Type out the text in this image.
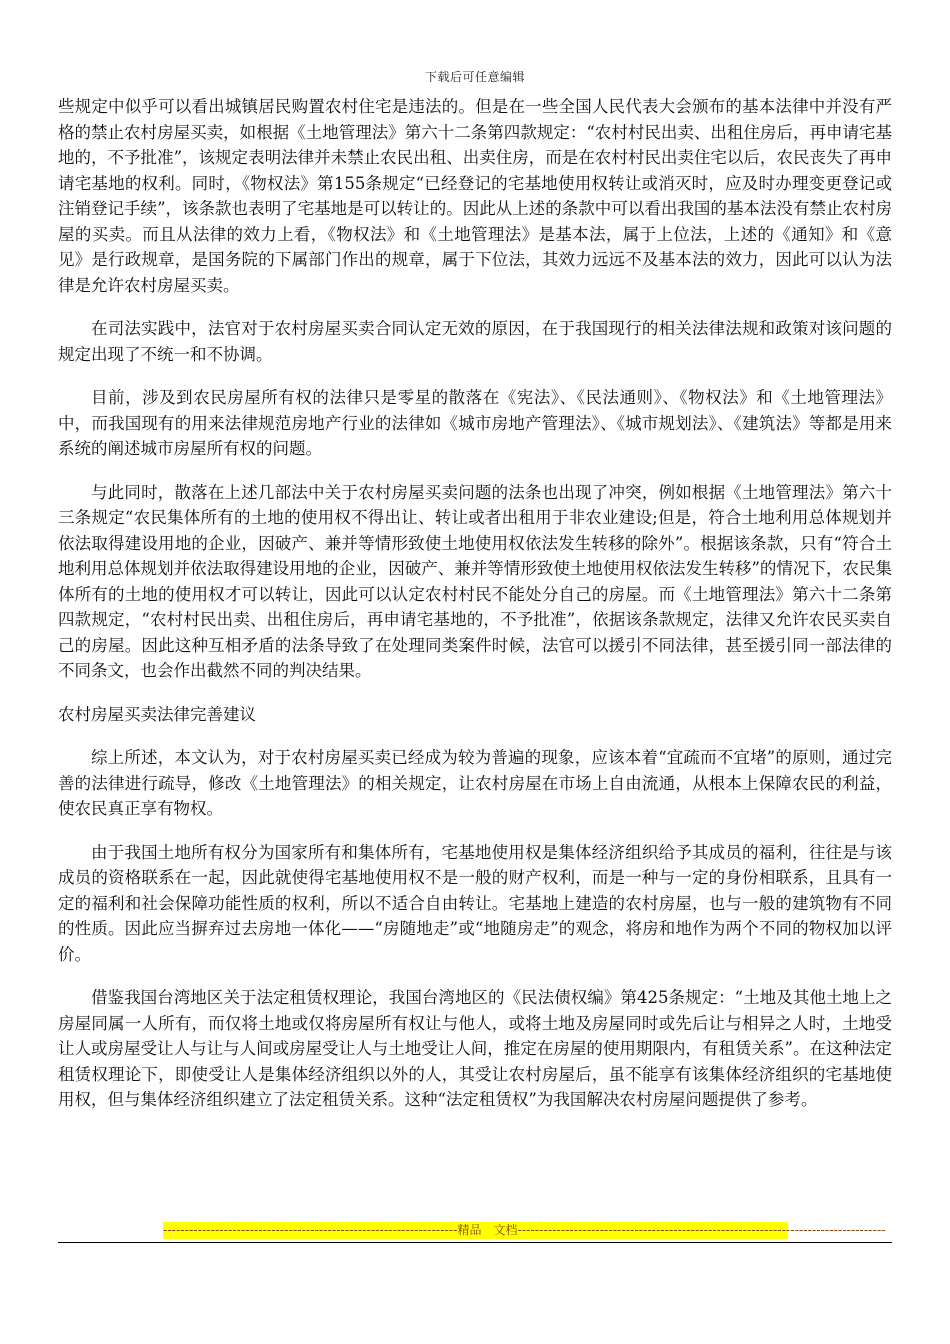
下载后可任意编辑

些规定中似乎可以看出城镇居民购置农村住宅是违法的。但是在一些全国人民代表大会颁布的基本法律中并没有严格的禁止农村房屋买卖，如根据《土地管理法》第六十二条第四款规定：“农村村民出卖、出租住房后，再申请宅基地的，不予批准”，该规定表明法律并未禁止农民出租、出卖住房，而是在农村村民出卖住宅以后，农民丧失了再申请宅基地的权利。同时，《物权法》第155条规定“已经登记的宅基地使用权转让或消灭时，应及时办理变更登记或注销登记手续”，该条款也表明了宅基地是可以转让的。因此从上述的条款中可以看出我国的基本法没有禁止农村房屋的买卖。而且从法律的效力上看，《物权法》和《土地管理法》是基本法，属于上位法，上述的《通知》和《意见》是行政规章，是国务院的下属部门作出的规章，属于下位法，其效力远远不及基本法的效力，因此可以认为法律是允许农村房屋买卖。

在司法实践中，法官对于农村房屋买卖合同认定无效的原因，在于我国现行的相关法律法规和政策对该问题的规定出现了不统一和不协调。

目前，涉及到农民房屋所有权的法律只是零星的散落在《宪法》、《民法通则》、《物权法》和《土地管理法》中，而我国现有的用来法律规范房地产行业的法律如《城市房地产管理法》、《城市规划法》、《建筑法》等都是用来系统的阐述城市房屋所有权的问题。

与此同时，散落在上述几部法中关于农村房屋买卖问题的法条也出现了冲突，例如根据《土地管理法》第六十三条规定“农民集体所有的土地的使用权不得出让、转让或者出租用于非农业建设;但是，符合土地利用总体规划并依法取得建设用地的企业，因破产、兼并等情形致使土地使用权依法发生转移的除外”。根据该条款，只有“符合土地利用总体规划并依法取得建设用地的企业，因破产、兼并等情形致使土地使用权依法发生转移”的情况下，农民集体所有的土地的使用权才可以转让，因此可以认定农村村民不能处分自己的房屋。而《土地管理法》第六十二条第四款规定，“农村村民出卖、出租住房后，再申请宅基地的，不予批准”，依据该条款规定，法律又允许农民买卖自己的房屋。因此这种互相矛盾的法条导致了在处理同类案件时候，法官可以援引不同法律，甚至援引同一部法律的不同条文，也会作出截然不同的判决结果。

农村房屋买卖法律完善建议

综上所述，本文认为，对于农村房屋买卖已经成为较为普遍的现象，应该本着“宜疏而不宜堵”的原则，通过完善的法律进行疏导，修改《土地管理法》的相关规定，让农村房屋在市场上自由流通，从根本上保障农民的利益，使农民真正享有物权。

由于我国土地所有权分为国家所有和集体所有，宅基地使用权是集体经济组织给予其成员的福利，往往是与该成员的资格联系在一起，因此就使得宅基地使用权不是一般的财产权利，而是一种与一定的身份相联系，且具有一定的福利和社会保障功能性质的权利，所以不适合自由转让。宅基地上建造的农村房屋，也与一般的建筑物有不同的性质。因此应当摒弃过去房地一体化——“房随地走”或“地随房走”的观念，将房和地作为两个不同的物权加以评价。

借鉴我国台湾地区关于法定租赁权理论，我国台湾地区的《民法债权编》第425条规定：“土地及其他土地上之房屋同属一人所有，而仅将土地或仅将房屋所有权让与他人，或将土地及房屋同时或先后让与相异之人时，土地受让人或房屋受让人与让与人间或房屋受让人与土地受让人间，推定在房屋的使用期限内，有租赁关系”。在这种法定租赁权理论下，即使受让人是集体经济组织以外的人，其受让农村房屋后，虽不能享有该集体经济组织的宅基地使用权，但与集体经济组织建立了法定租赁关系。这种“法定租赁权”为我国解决农村房屋问题提供了参考。

--------------------------------------------------------------------精品　文档-------------------------------------------------------------------------------------
